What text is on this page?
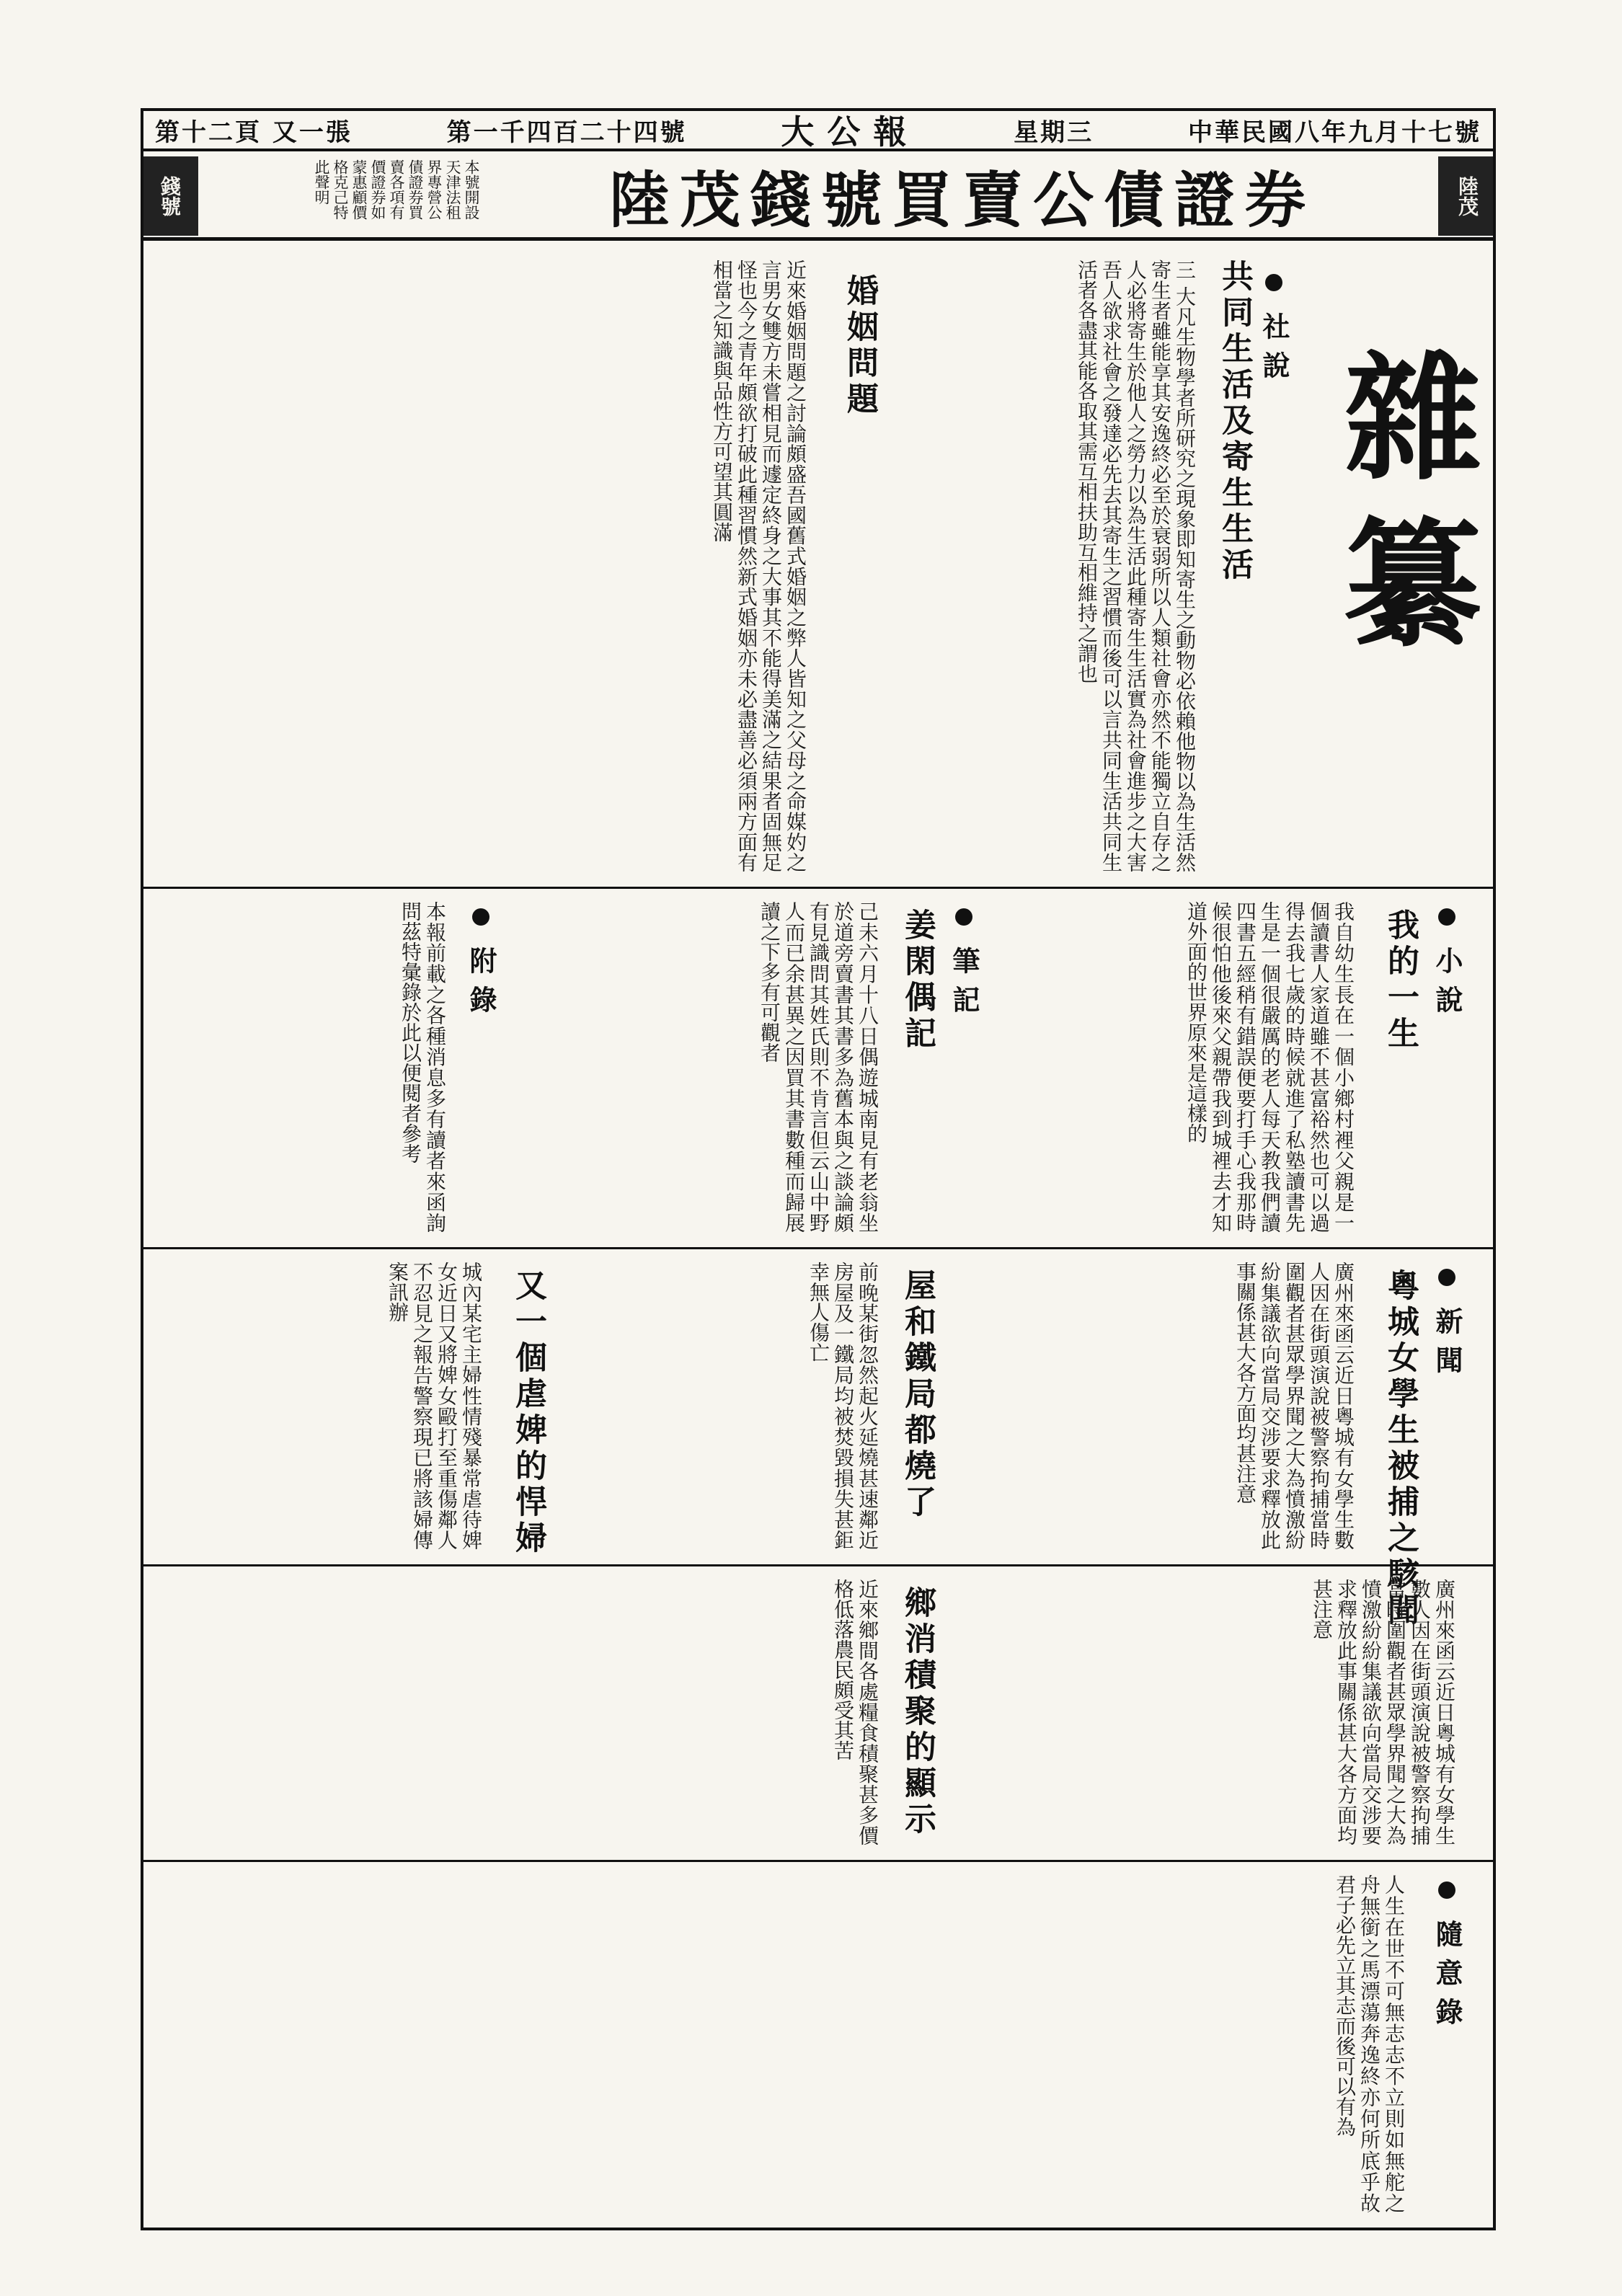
第十二頁 又一張	第一千四百二十四號	大公報	星期三	中華民國八年九月十七號
錢號	本號開設天津法租界專營公債證券買賣各項有價證券如蒙惠顧價格克己特此聲明	陸茂錢號買賣公債證券	陸茂
雜纂
社說
共同生活及寄生生活
三 大凡生物學者所研究之現象即知寄生之動物必依賴他物以為生活然寄生者雖能享其安逸終必至於衰弱所以人類社會亦然不能獨立自存之人必將寄生於他人之勞力以為生活此種寄生生活實為社會進步之大害吾人欲求社會之發達必先去其寄生之習慣而後可以言共同生活共同生活者各盡其能各取其需互相扶助互相維持之謂也
婚姻問題
近來婚姻問題之討論頗盛吾國舊式婚姻之弊人皆知之父母之命媒妁之言男女雙方未嘗相見而遽定終身之大事其不能得美滿之結果者固無足怪也今之青年頗欲打破此種習慣然新式婚姻亦未必盡善必須兩方面有相當之知識與品性方可望其圓滿
小說
我的一生
我自幼生長在一個小鄉村裡父親是一個讀書人家道雖不甚富裕然也可以過得去我七歲的時候就進了私塾讀書先生是一個很嚴厲的老人每天教我們讀四書五經稍有錯誤便要打手心我那時候很怕他後來父親帶我到城裡去才知道外面的世界原來是這樣的
筆記
姜閑偶記
己未六月十八日偶遊城南見有老翁坐於道旁賣書其書多為舊本與之談論頗有見識問其姓氏則不肯言但云山中野人而已余甚異之因買其書數種而歸展讀之下多有可觀者
附錄
本報前載之各種消息多有讀者來函詢問茲特彙錄於此以便閱者參考
新聞
粵城女學生被捕之駭聞
廣州來函云近日粵城有女學生數人因在街頭演說被警察拘捕當時圍觀者甚眾學界聞之大為憤激紛紛集議欲向當局交涉要求釋放此事關係甚大各方面均甚注意
屋和鐵局都燒了
前晚某街忽然起火延燒甚速鄰近房屋及一鐵局均被焚毀損失甚鉅幸無人傷亡
又一個虐婢的悍婦
城內某宅主婦性情殘暴常虐待婢女近日又將婢女毆打至重傷鄰人不忍見之報告警察現已將該婦傳案訊辦
廣州來函云近日粵城有女學生數人因在街頭演說被警察拘捕當時圍觀者甚眾學界聞之大為憤激紛紛集議欲向當局交涉要求釋放此事關係甚大各方面均甚注意
鄉消積聚的顯示
近來鄉間各處糧食積聚甚多價格低落農民頗受其苦
隨意錄
人生在世不可無志志不立則如無舵之舟無銜之馬漂蕩奔逸終亦何所底乎故君子必先立其志而後可以有為
